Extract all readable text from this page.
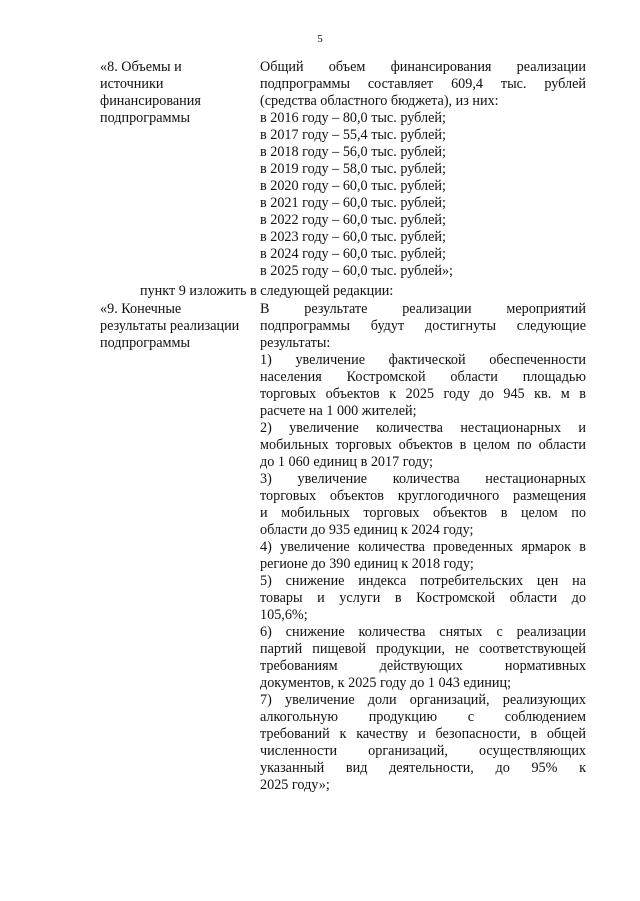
5
«8. Объемы и
источники
финансирования
подпрограммы
Общий объем финансирования реализации
подпрограммы составляет 609,4 тыс. рублей
(средства областного бюджета), из них:
в 2016 году – 80,0 тыс. рублей;
в 2017 году – 55,4 тыс. рублей;
в 2018 году – 56,0 тыс. рублей;
в 2019 году – 58,0 тыс. рублей;
в 2020 году – 60,0 тыс. рублей;
в 2021 году – 60,0 тыс. рублей;
в 2022 году – 60,0 тыс. рублей;
в 2023 году – 60,0 тыс. рублей;
в 2024 году – 60,0 тыс. рублей;
в 2025 году – 60,0 тыс. рублей»;
пункт 9 изложить в следующей редакции:
«9. Конечные
результаты реализации
подпрограммы
В результате реализации мероприятий
подпрограммы будут достигнуты следующие
результаты:
1) увеличение фактической обеспеченности
населения Костромской области площадью
торговых объектов к 2025 году до 945 кв. м в
расчете на 1 000 жителей;
2) увеличение количества нестационарных и
мобильных торговых объектов в целом по области
до 1 060 единиц в 2017 году;
3) увеличение количества нестационарных
торговых объектов круглогодичного размещения
и мобильных торговых объектов в целом по
области до 935 единиц к 2024 году;
4) увеличение количества проведенных ярмарок в
регионе до 390 единиц к 2018 году;
5) снижение индекса потребительских цен на
товары и услуги в Костромской области до
105,6%;
6) снижение количества снятых с реализации
партий пищевой продукции, не соответствующей
требованиям действующих нормативных
документов, к 2025 году до 1 043 единиц;
7) увеличение доли организаций, реализующих
алкогольную продукцию с соблюдением
требований к качеству и безопасности, в общей
численности организаций, осуществляющих
указанный вид деятельности, до 95% к
2025 году»;
